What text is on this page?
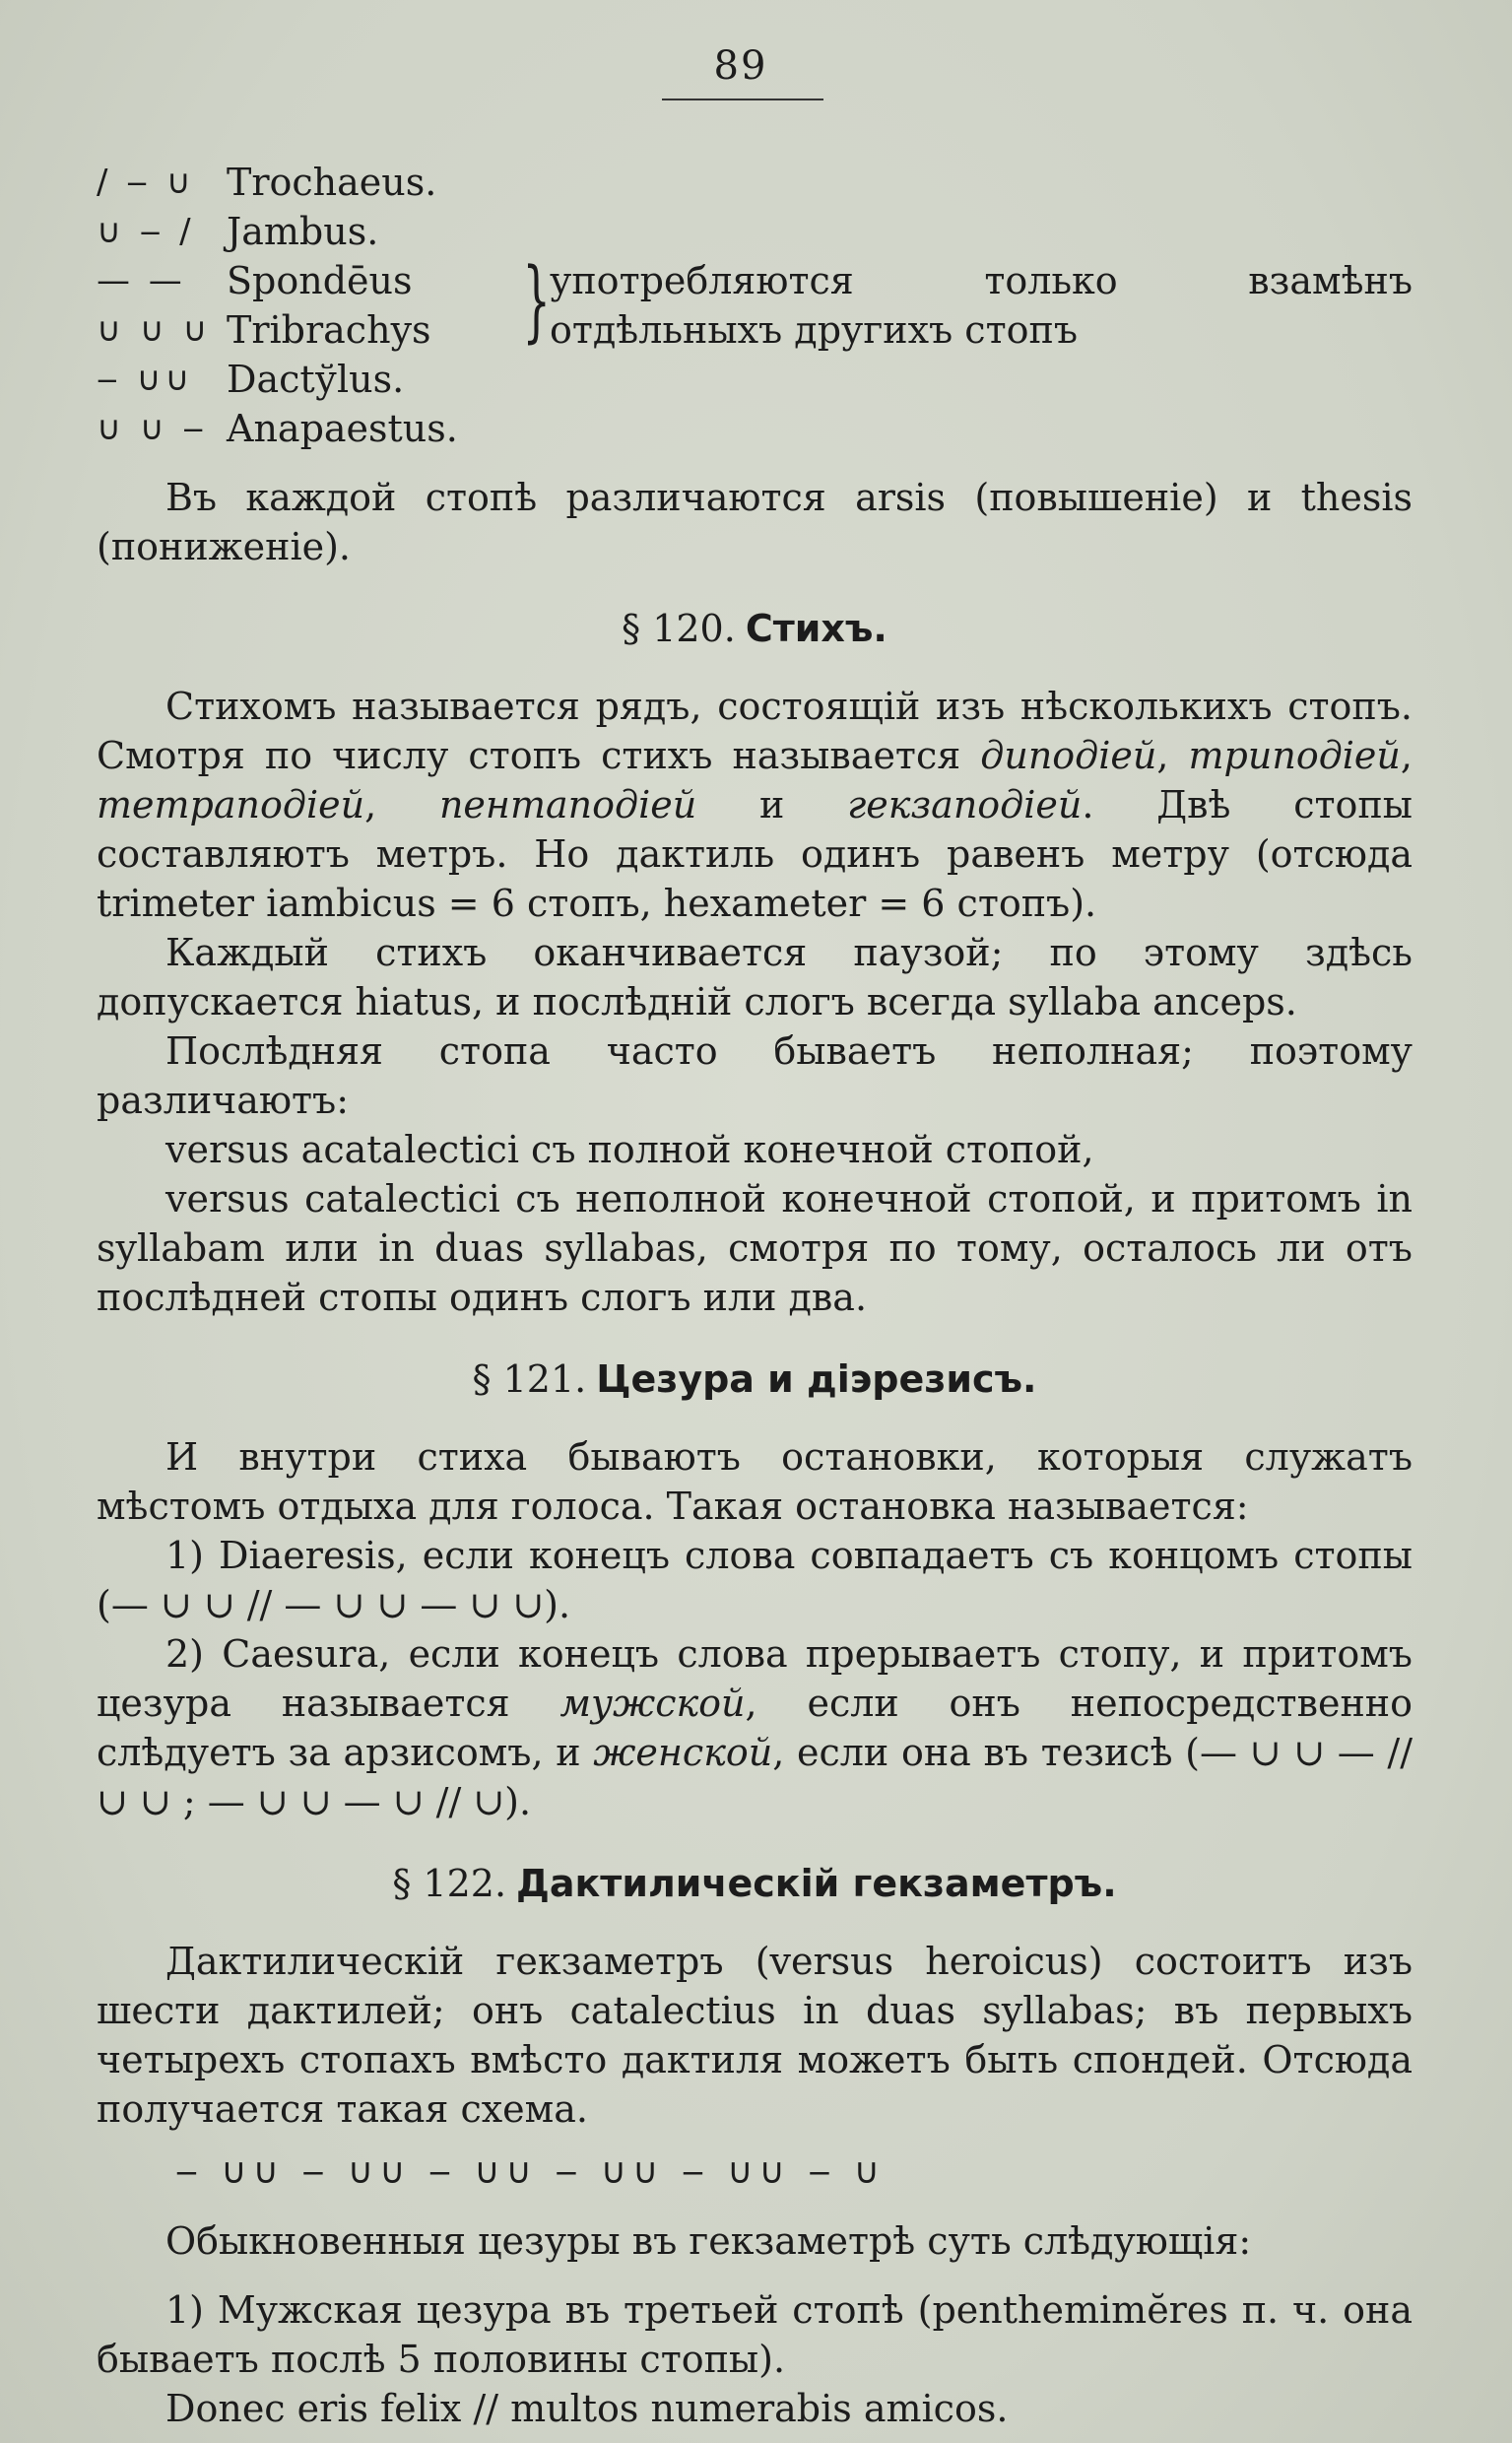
89
/ ‒ ∪ Trochaeus.
∪ ‒ / Jambus.
— —	Spondēus
∪ ∪ ∪ Tribrachys
‒ ∪∪ Dactўlus.
∪ ∪ ‒ Anapaestus.
употребляются только взамѣнъ отдѣльныхъ другихъ стопъ
}

Въ каждой стопѣ различаются arsis (повышеніе) и thesis (пониженіе).

§ 120. Стихъ.

Стихомъ называется рядъ, состоящій изъ нѣсколькихъ стопъ. Смотря по числу стопъ стихъ называется диподіей, триподіей, тетраподіей, пентаподіей и гекзаподіей. Двѣ стопы составляютъ метръ. Но дактиль одинъ равенъ метру (отсюда trimeter iambicus = 6 стопъ, hexameter = 6 стопъ).

Каждый стихъ оканчивается паузой; по этому здѣсь допускается hiatus, и послѣдній слогъ всегда syllaba anceps.

Послѣдняя стопа часто бываетъ неполная; поэтому различаютъ:

versus acatalectici съ полной конечной стопой,

versus catalectici съ неполной конечной стопой, и притомъ in syllabam или in duas syllabas, смотря по тому, осталось ли отъ послѣдней стопы одинъ слогъ или два.

§ 121. Цезура и діэрезисъ.

И внутри стиха бываютъ остановки, которыя служатъ мѣстомъ отдыха для голоса. Такая остановка называется:

1) Diaeresis, если конецъ слова совпадаетъ съ концомъ стопы (— ∪ ∪ // — ∪ ∪ — ∪ ∪).

2) Caesura, если конецъ слова прерываетъ стопу, и притомъ цезура называется мужской, если онъ непосредственно слѣдуетъ за арзисомъ, и женской, если она въ тезисѣ (— ∪ ∪ — // ∪ ∪ ; — ∪ ∪ — ∪ // ∪).

§ 122. Дактилическій гекзаметръ.

Дактилическій гекзаметръ (versus heroicus) состоитъ изъ шести дактилей; онъ catalectius in duas syllabas; въ первыхъ четырехъ стопахъ вмѣсто дактиля можетъ быть спондей. Отсюда получается такая схема.

‒ ∪∪ ‒ ∪∪ ‒ ∪∪ ‒ ∪∪ ‒ ∪∪ ‒ ∪

Обыкновенныя цезуры въ гекзаметрѣ суть слѣдующія:

1) Мужская цезура въ третьей стопѣ (penthemimĕres п. ч. она бываетъ послѣ 5 половины стопы).

Donec eris felix // multos numerabis amicos.
